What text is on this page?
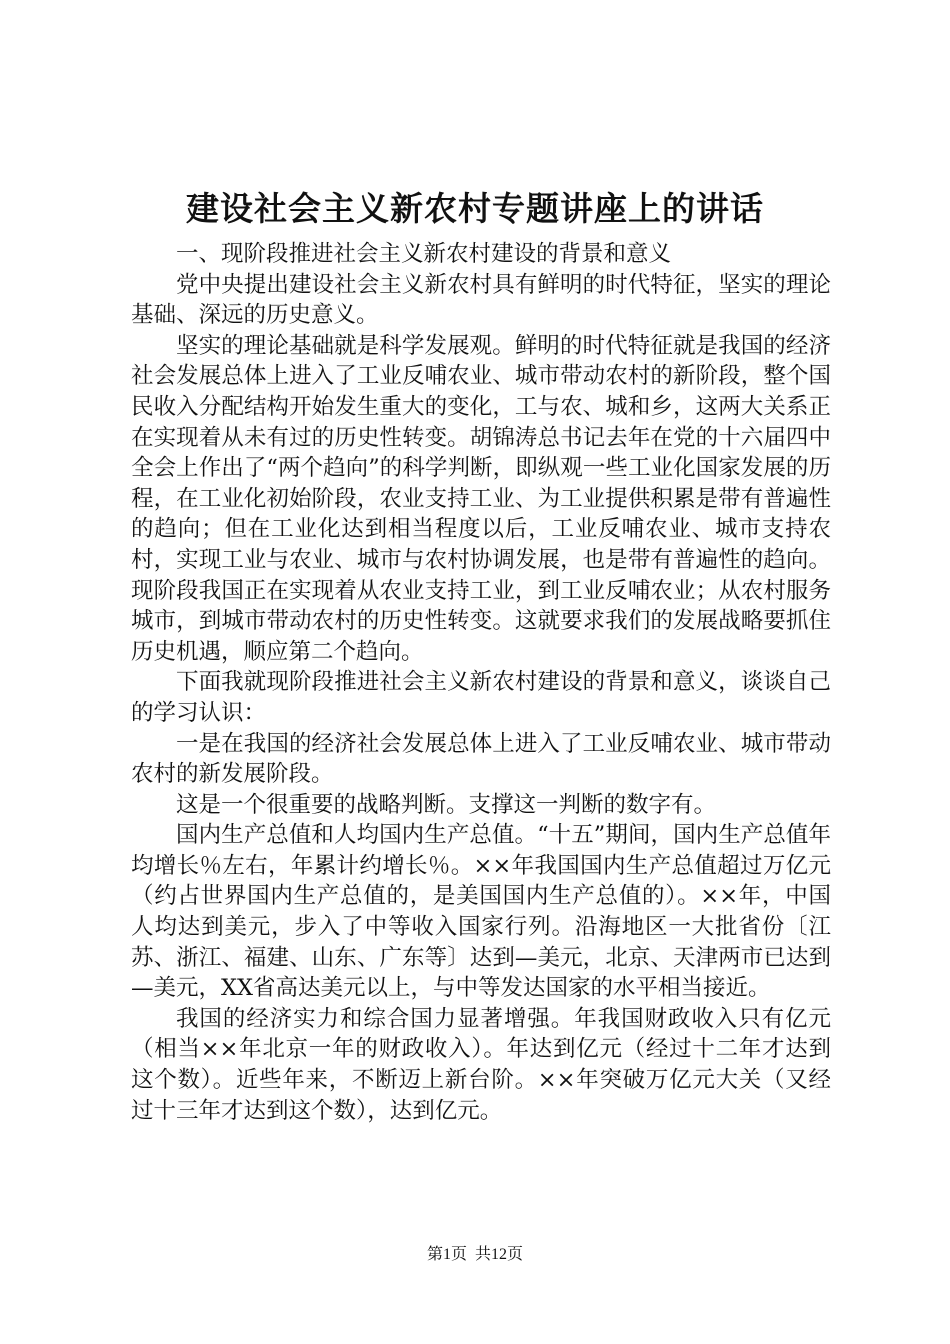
建设社会主义新农村专题讲座上的讲话

一、现阶段推进社会主义新农村建设的背景和意义

党中央提出建设社会主义新农村具有鲜明的时代特征，坚实的理论基础、深远的历史意义。

坚实的理论基础就是科学发展观。鲜明的时代特征就是我国的经济社会发展总体上进入了工业反哺农业、城市带动农村的新阶段，整个国民收入分配结构开始发生重大的变化，工与农、城和乡，这两大关系正在实现着从未有过的历史性转变。胡锦涛总书记去年在党的十六届四中全会上作出了“两个趋向”的科学判断，即纵观一些工业化国家发展的历程，在工业化初始阶段，农业支持工业、为工业提供积累是带有普遍性的趋向；但在工业化达到相当程度以后，工业反哺农业、城市支持农村，实现工业与农业、城市与农村协调发展，也是带有普遍性的趋向。现阶段我国正在实现着从农业支持工业，到工业反哺农业；从农村服务城市，到城市带动农村的历史性转变。这就要求我们的发展战略要抓住历史机遇，顺应第二个趋向。

下面我就现阶段推进社会主义新农村建设的背景和意义，谈谈自己的学习认识：

一是在我国的经济社会发展总体上进入了工业反哺农业、城市带动农村的新发展阶段。

这是一个很重要的战略判断。支撑这一判断的数字有。

国内生产总值和人均国内生产总值。“十五”期间，国内生产总值年均增长％左右，年累计约增长％。××年我国国内生产总值超过万亿元（约占世界国内生产总值的，是美国国内生产总值的）。××年，中国人均达到美元，步入了中等收入国家行列。沿海地区一大批省份〔江苏、浙江、福建、山东、广东等〕达到—美元，北京、天津两市已达到—美元，XX省高达美元以上，与中等发达国家的水平相当接近。

我国的经济实力和综合国力显著增强。年我国财政收入只有亿元（相当××年北京一年的财政收入）。年达到亿元（经过十二年才达到这个数）。近些年来，不断迈上新台阶。××年突破万亿元大关（又经过十三年才达到这个数），达到亿元。

第1页 共12页
